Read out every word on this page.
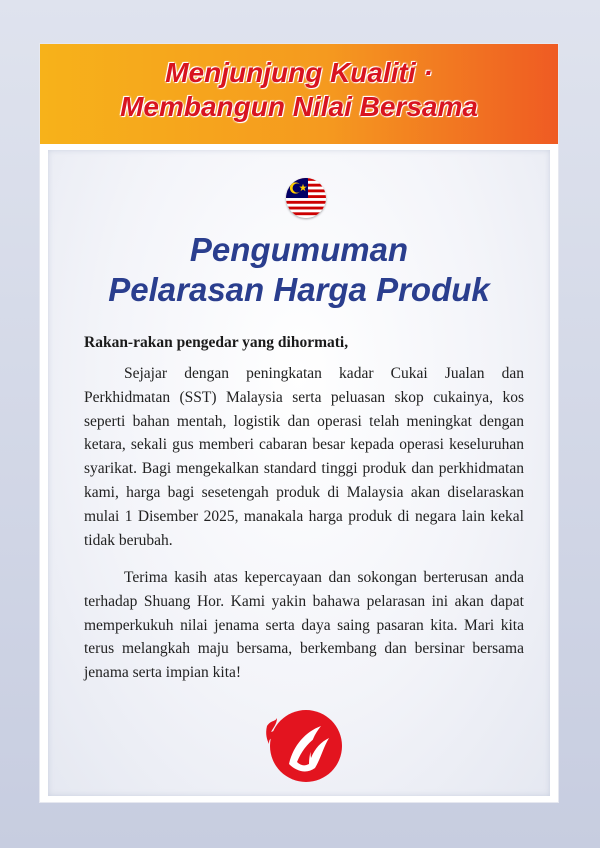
Menjunjung Kualiti ·
Membangun Nilai Bersama
Pengumuman
Pelarasan Harga Produk
Rakan-rakan pengedar yang dihormati,

Sejajar dengan peningkatan kadar Cukai Jualan dan Perkhidmatan (SST) Malaysia serta peluasan skop cukainya, kos seperti bahan mentah, logistik dan operasi telah meningkat dengan ketara, sekali gus memberi cabaran besar kepada operasi keseluruhan syarikat. Bagi mengekalkan standard tinggi produk dan perkhidmatan kami, harga bagi sesetengah produk di Malaysia akan diselaraskan mulai 1 Disember 2025, manakala harga produk di negara lain kekal tidak berubah.

Terima kasih atas kepercayaan dan sokongan berterusan anda terhadap Shuang Hor. Kami yakin bahawa pelarasan ini akan dapat memperkukuh nilai jenama serta daya saing pasaran kita. Mari kita terus melangkah maju bersama, berkembang dan bersinar bersama jenama serta impian kita!
